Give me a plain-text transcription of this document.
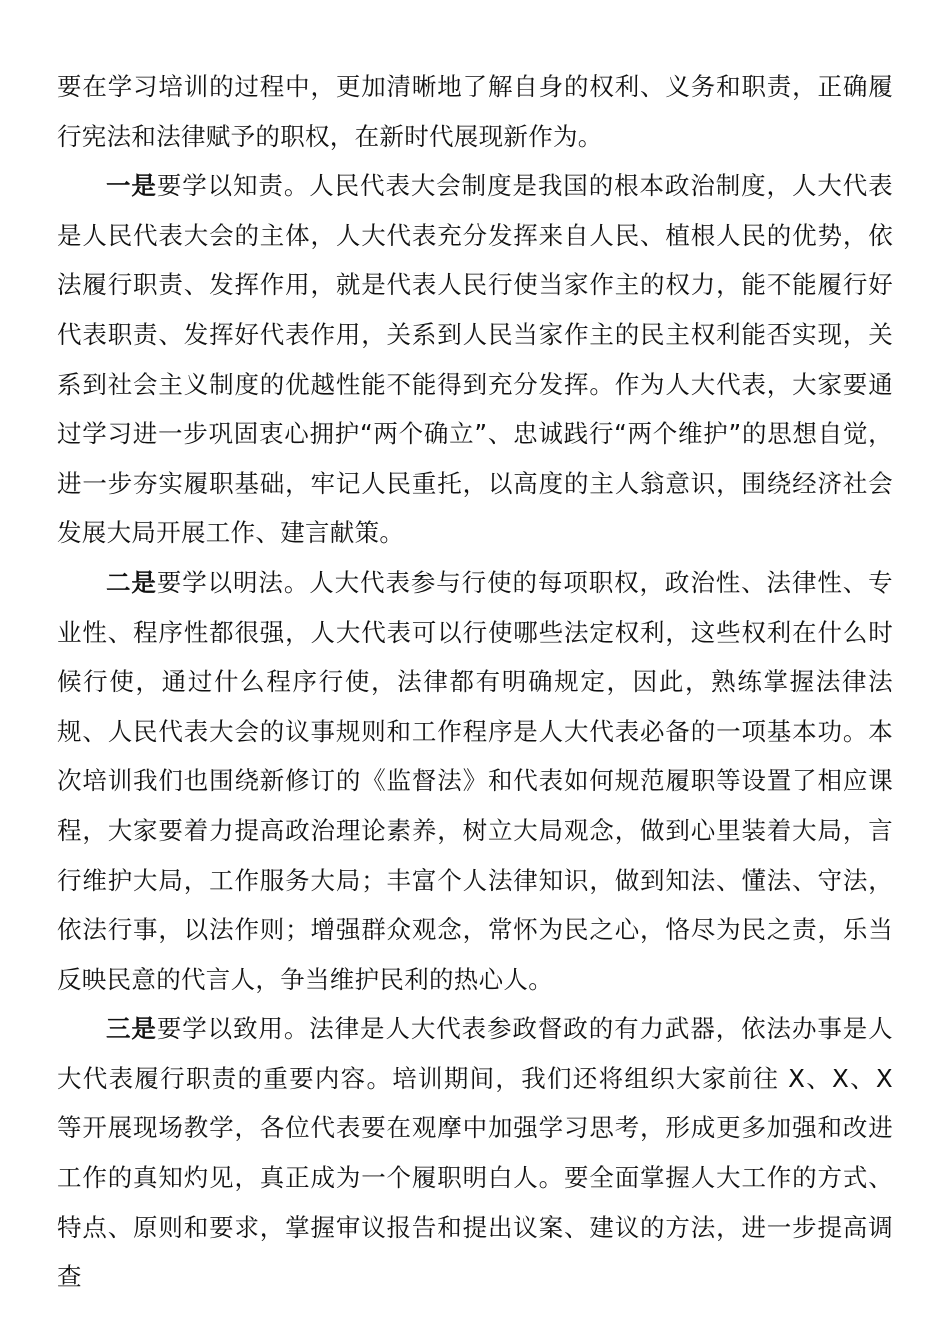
要在学习培训的过程中，更加清晰地了解自身的权利、义务和职责，正确履行宪法和法律赋予的职权，在新时代展现新作为。

一是要学以知责。人民代表大会制度是我国的根本政治制度，人大代表是人民代表大会的主体，人大代表充分发挥来自人民、植根人民的优势，依法履行职责、发挥作用，就是代表人民行使当家作主的权力，能不能履行好代表职责、发挥好代表作用，关系到人民当家作主的民主权利能否实现，关系到社会主义制度的优越性能不能得到充分发挥。作为人大代表，大家要通过学习进一步巩固衷心拥护“两个确立”、忠诚践行“两个维护”的思想自觉，进一步夯实履职基础，牢记人民重托，以高度的主人翁意识，围绕经济社会发展大局开展工作、建言献策。

二是要学以明法。人大代表参与行使的每项职权，政治性、法律性、专业性、程序性都很强，人大代表可以行使哪些法定权利，这些权利在什么时候行使，通过什么程序行使，法律都有明确规定，因此，熟练掌握法律法规、人民代表大会的议事规则和工作程序是人大代表必备的一项基本功。本次培训我们也围绕新修订的《监督法》和代表如何规范履职等设置了相应课程，大家要着力提高政治理论素养，树立大局观念，做到心里装着大局，言行维护大局，工作服务大局；丰富个人法律知识，做到知法、懂法、守法，依法行事，以法作则；增强群众观念，常怀为民之心，恪尽为民之责，乐当反映民意的代言人，争当维护民利的热心人。

三是要学以致用。法律是人大代表参政督政的有力武器，依法办事是人大代表履行职责的重要内容。培训期间，我们还将组织大家前往 X、X、X 等开展现场教学，各位代表要在观摩中加强学习思考，形成更多加强和改进工作的真知灼见，真正成为一个履职明白人。要全面掌握人大工作的方式、特点、原则和要求，掌握审议报告和提出议案、建议的方法，进一步提高调查
